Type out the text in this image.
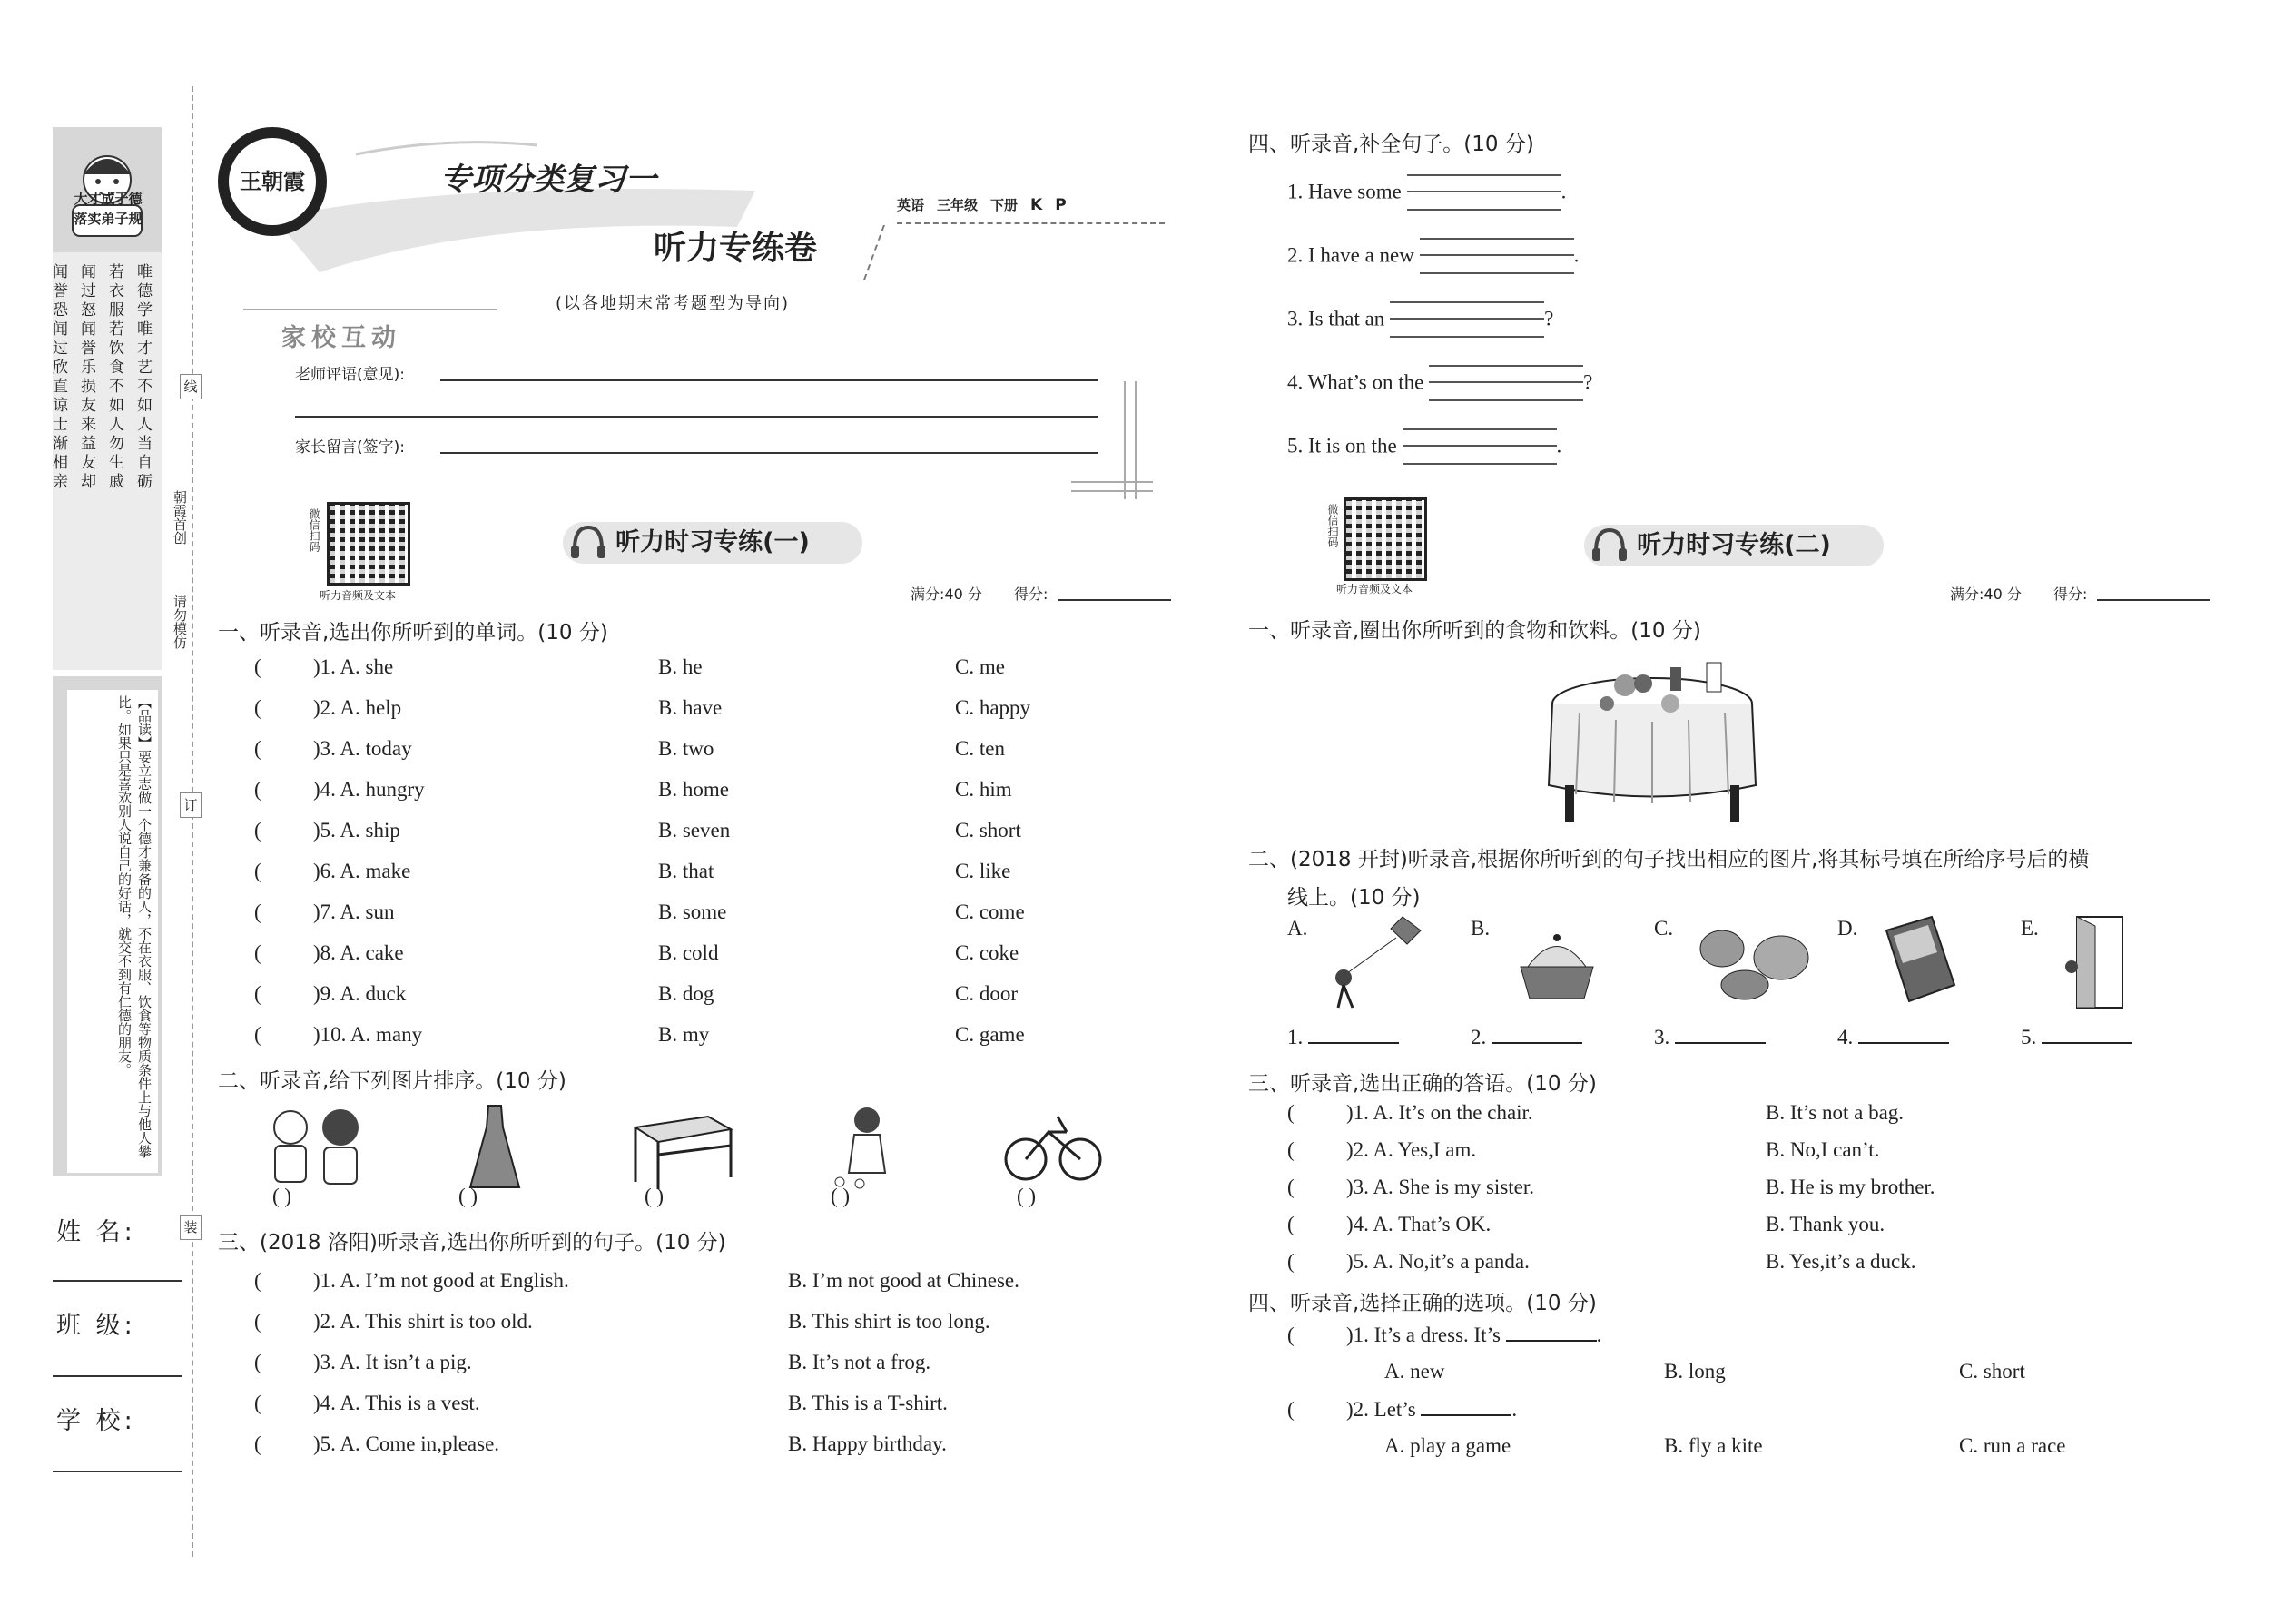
线
订
装
朝霞首创
请勿模仿
大才成于德
落实弟子规
唯德学唯才艺不如人当自砺
若衣服若饮食不如人勿生戚
闻过怒闻誉乐损友来益友却
闻誉恐闻过欣直谅士渐相亲
【品读】要立志做一个德才兼备的人，不在衣服、饮食等物质条件上与他人攀比。如果只是喜欢别人说自己的好话，就交不到有仁德的朋友。
姓 名:
班 级:
学 校:
王朝霞	专项分类复习一
听力专练卷
(以各地期末常考题型为导向)
英语 三年级 下册 K P
家校互动
老师评语(意见):
家长留言(签字):
微信扫码
听力音频及文本
听力时习专练(一)
满分:40 分 得分:
一、听录音,选出你所听到的单词。(10 分)
( )1. A. she	B. he	C. me
( )2. A. help	B. have	C. happy
( )3. A. today	B. two	C. ten
( )4. A. hungry	B. home	C. him
( )5. A. ship	B. seven	C. short
( )6. A. make	B. that	C. like
( )7. A. sun	B. some	C. come
( )8. A. cake	B. cold	C. coke
( )9. A. duck	B. dog	C. door
( )10. A. many	B. my	C. game
二、听录音,给下列图片排序。(10 分)
( )	( )	( )	( )	( )
三、(2018 洛阳)听录音,选出你所听到的句子。(10 分)
( )1. A. I’m not good at English.	B. I’m not good at Chinese.
( )2. A. This shirt is too old.	B. This shirt is too long.
( )3. A. It isn’t a pig.	B. It’s not a frog.
( )4. A. This is a vest.	B. This is a T-shirt.
( )5. A. Come in,please.	B. Happy birthday.
四、听录音,补全句子。(10 分)
1. Have some	.
2. I have a new	.
3. Is that an	?
4. What’s on the	?
5. It is on the	.
微信扫码
听力音频及文本
听力时习专练(二)
满分:40 分 得分:
一、听录音,圈出你所听到的食物和饮料。(10 分)
二、(2018 开封)听录音,根据你所听到的句子找出相应的图片,将其标号填在所给序号后的横
线上。(10 分)
A.	B.	C.	D.	E.
1.	2.	3.	4.	5.
三、听录音,选出正确的答语。(10 分)
( )1. A. It’s on the chair.	B. It’s not a bag.
( )2. A. Yes,I am.	B. No,I can’t.
( )3. A. She is my sister.	B. He is my brother.
( )4. A. That’s OK.	B. Thank you.
( )5. A. No,it’s a panda.	B. Yes,it’s a duck.
四、听录音,选择正确的选项。(10 分)
( )1. It’s a dress. It’s	.
A. new	B. long	C. short
( )2. Let’s	.
A. play a game	B. fly a kite	C. run a race
